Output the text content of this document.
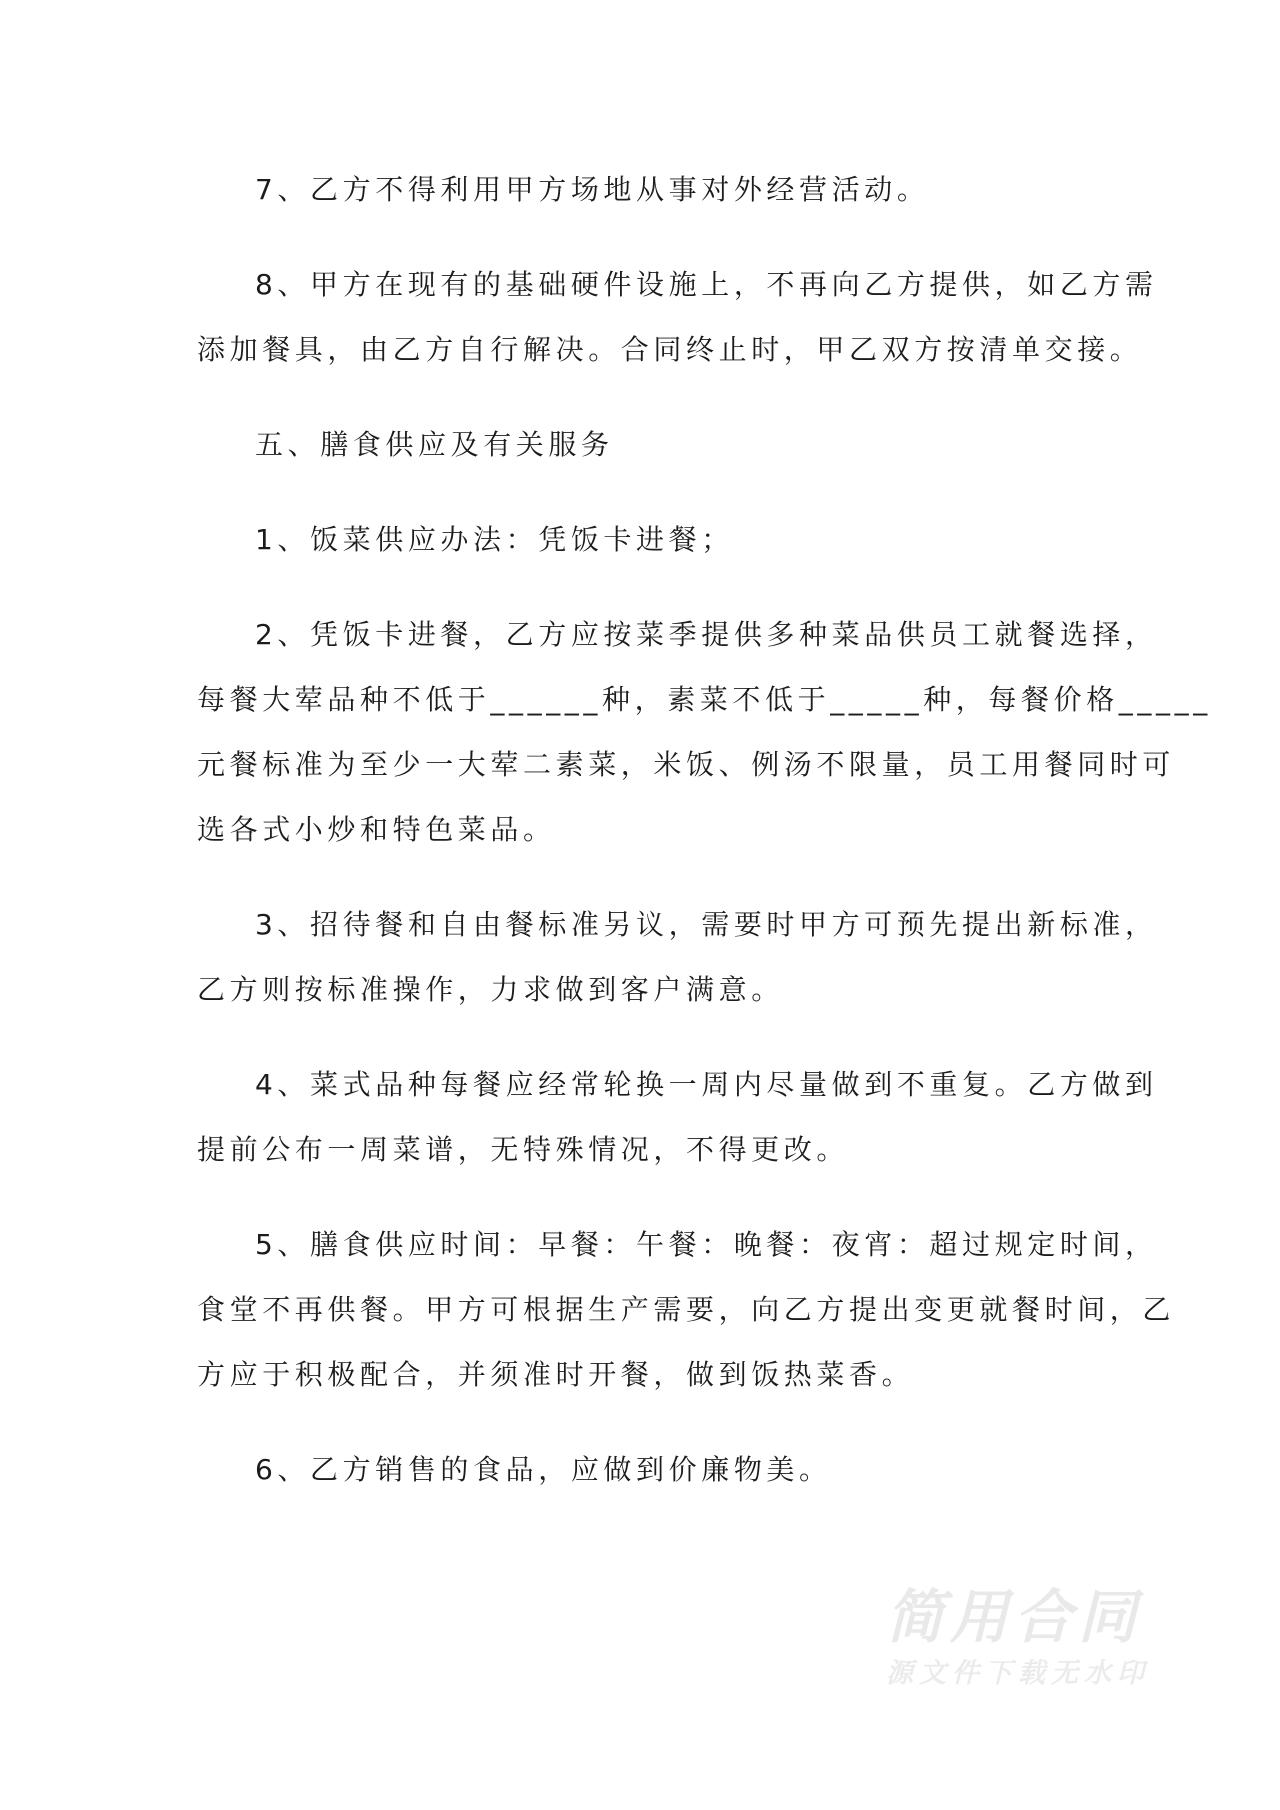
7、乙方不得利用甲方场地从事对外经营活动。
8、甲方在现有的基础硬件设施上，不再向乙方提供，如乙方需
添加餐具，由乙方自行解决。合同终止时，甲乙双方按清单交接。
五、膳食供应及有关服务
1、饭菜供应办法：凭饭卡进餐；
2、凭饭卡进餐，乙方应按菜季提供多种菜品供员工就餐选择，
每餐大荤品种不低于______种，素菜不低于_____种，每餐价格_____
元餐标准为至少一大荤二素菜，米饭、例汤不限量，员工用餐同时可
选各式小炒和特色菜品。
3、招待餐和自由餐标准另议，需要时甲方可预先提出新标准，
乙方则按标准操作，力求做到客户满意。
4、菜式品种每餐应经常轮换一周内尽量做到不重复。乙方做到
提前公布一周菜谱，无特殊情况，不得更改。
5、膳食供应时间：早餐：午餐：晚餐：夜宵：超过规定时间，
食堂不再供餐。甲方可根据生产需要，向乙方提出变更就餐时间，乙
方应于积极配合，并须准时开餐，做到饭热菜香。
6、乙方销售的食品，应做到价廉物美。
简用合同
源文件下载无水印
